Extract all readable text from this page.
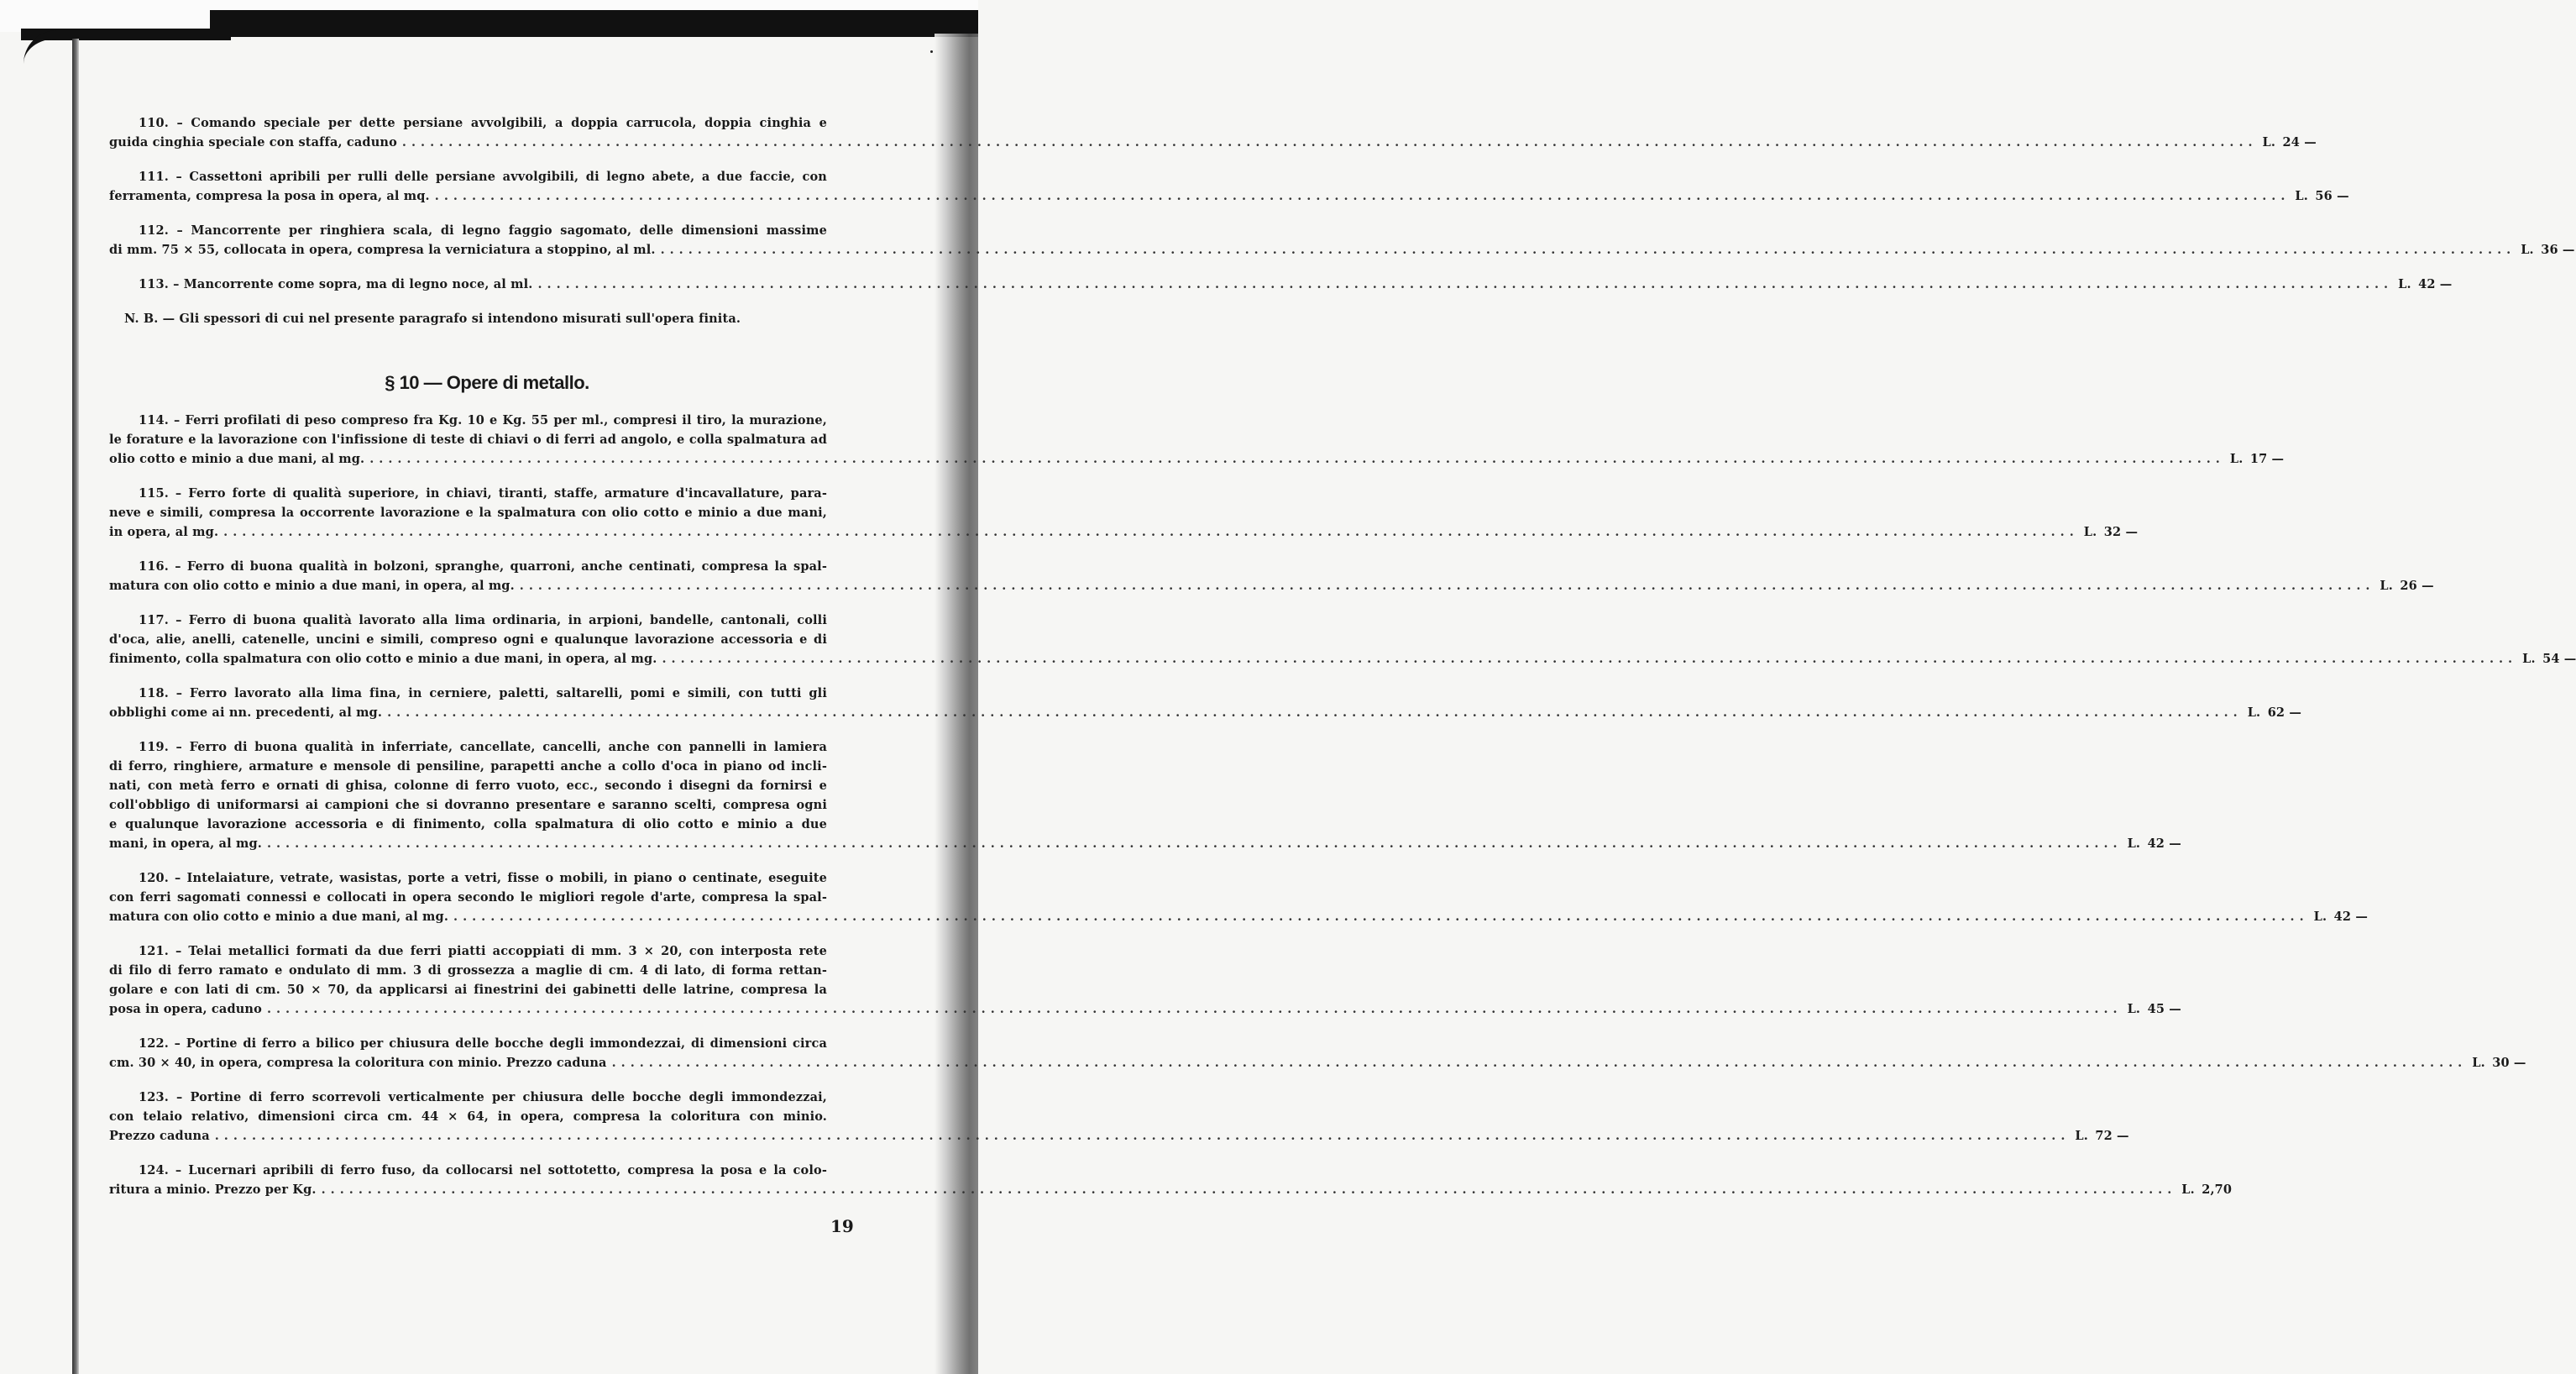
110. – Comando speciale per dette persiane avvolgibili, a doppia carrucola, doppia cinghia e
guida cinghia speciale con staffa, caduno ........................................................................................................................................................................................................ L. 24 —
111. – Cassettoni apribili per rulli delle persiane avvolgibili, di legno abete, a due faccie, con
ferramenta, compresa la posa in opera, al mq. ........................................................................................................................................................................................................ L. 56 —
112. – Mancorrente per ringhiera scala, di legno faggio sagomato, delle dimensioni massime
di mm. 75 × 55, collocata in opera, compresa la verniciatura a stoppino, al ml. ........................................................................................................................................................................................................ L. 36 —
113. – Mancorrente come sopra, ma di legno noce, al ml. ........................................................................................................................................................................................................ L. 42 —
N. B. — Gli spessori di cui nel presente paragrafo si intendono misurati sull'opera finita.
§ 10 — Opere di metallo.
114. – Ferri profilati di peso compreso fra Kg. 10 e Kg. 55 per ml., compresi il tiro, la murazione,
le forature e la lavorazione con l'infissione di teste di chiavi o di ferri ad angolo, e colla spalmatura ad
olio cotto e minio a due mani, al mg. ........................................................................................................................................................................................................ L. 17 —
115. – Ferro forte di qualità superiore, in chiavi, tiranti, staffe, armature d'incavallature, para-
neve e simili, compresa la occorrente lavorazione e la spalmatura con olio cotto e minio a due mani,
in opera, al mg. ........................................................................................................................................................................................................ L. 32 —
116. – Ferro di buona qualità in bolzoni, spranghe, quarroni, anche centinati, compresa la spal-
matura con olio cotto e minio a due mani, in opera, al mg. ........................................................................................................................................................................................................ L. 26 —
117. – Ferro di buona qualità lavorato alla lima ordinaria, in arpioni, bandelle, cantonali, colli
d'oca, alie, anelli, catenelle, uncini e simili, compreso ogni e qualunque lavorazione accessoria e di
finimento, colla spalmatura con olio cotto e minio a due mani, in opera, al mg. ........................................................................................................................................................................................................ L. 54 —
118. – Ferro lavorato alla lima fina, in cerniere, paletti, saltarelli, pomi e simili, con tutti gli
obblighi come ai nn. precedenti, al mg. ........................................................................................................................................................................................................ L. 62 —
119. – Ferro di buona qualità in inferriate, cancellate, cancelli, anche con pannelli in lamiera
di ferro, ringhiere, armature e mensole di pensiline, parapetti anche a collo d'oca in piano od incli-
nati, con metà ferro e ornati di ghisa, colonne di ferro vuoto, ecc., secondo i disegni da fornirsi e
coll'obbligo di uniformarsi ai campioni che si dovranno presentare e saranno scelti, compresa ogni
e qualunque lavorazione accessoria e di finimento, colla spalmatura di olio cotto e minio a due
mani, in opera, al mg. ........................................................................................................................................................................................................ L. 42 —
120. – Intelaiature, vetrate, wasistas, porte a vetri, fisse o mobili, in piano o centinate, eseguite
con ferri sagomati connessi e collocati in opera secondo le migliori regole d'arte, compresa la spal-
matura con olio cotto e minio a due mani, al mg. ........................................................................................................................................................................................................ L. 42 —
121. – Telai metallici formati da due ferri piatti accoppiati di mm. 3 × 20, con interposta rete
di filo di ferro ramato e ondulato di mm. 3 di grossezza a maglie di cm. 4 di lato, di forma rettan-
golare e con lati di cm. 50 × 70, da applicarsi ai finestrini dei gabinetti delle latrine, compresa la
posa in opera, caduno ........................................................................................................................................................................................................ L. 45 —
122. – Portine di ferro a bilico per chiusura delle bocche degli immondezzai, di dimensioni circa
cm. 30 × 40, in opera, compresa la coloritura con minio. Prezzo caduna ........................................................................................................................................................................................................ L. 30 —
123. – Portine di ferro scorrevoli verticalmente per chiusura delle bocche degli immondezzai,
con telaio relativo, dimensioni circa cm. 44 × 64, in opera, compresa la coloritura con minio.
Prezzo caduna ........................................................................................................................................................................................................ L. 72 —
124. – Lucernari apribili di ferro fuso, da collocarsi nel sottotetto, compresa la posa e la colo-
ritura a minio. Prezzo per Kg. ........................................................................................................................................................................................................ L. 2,70
19
